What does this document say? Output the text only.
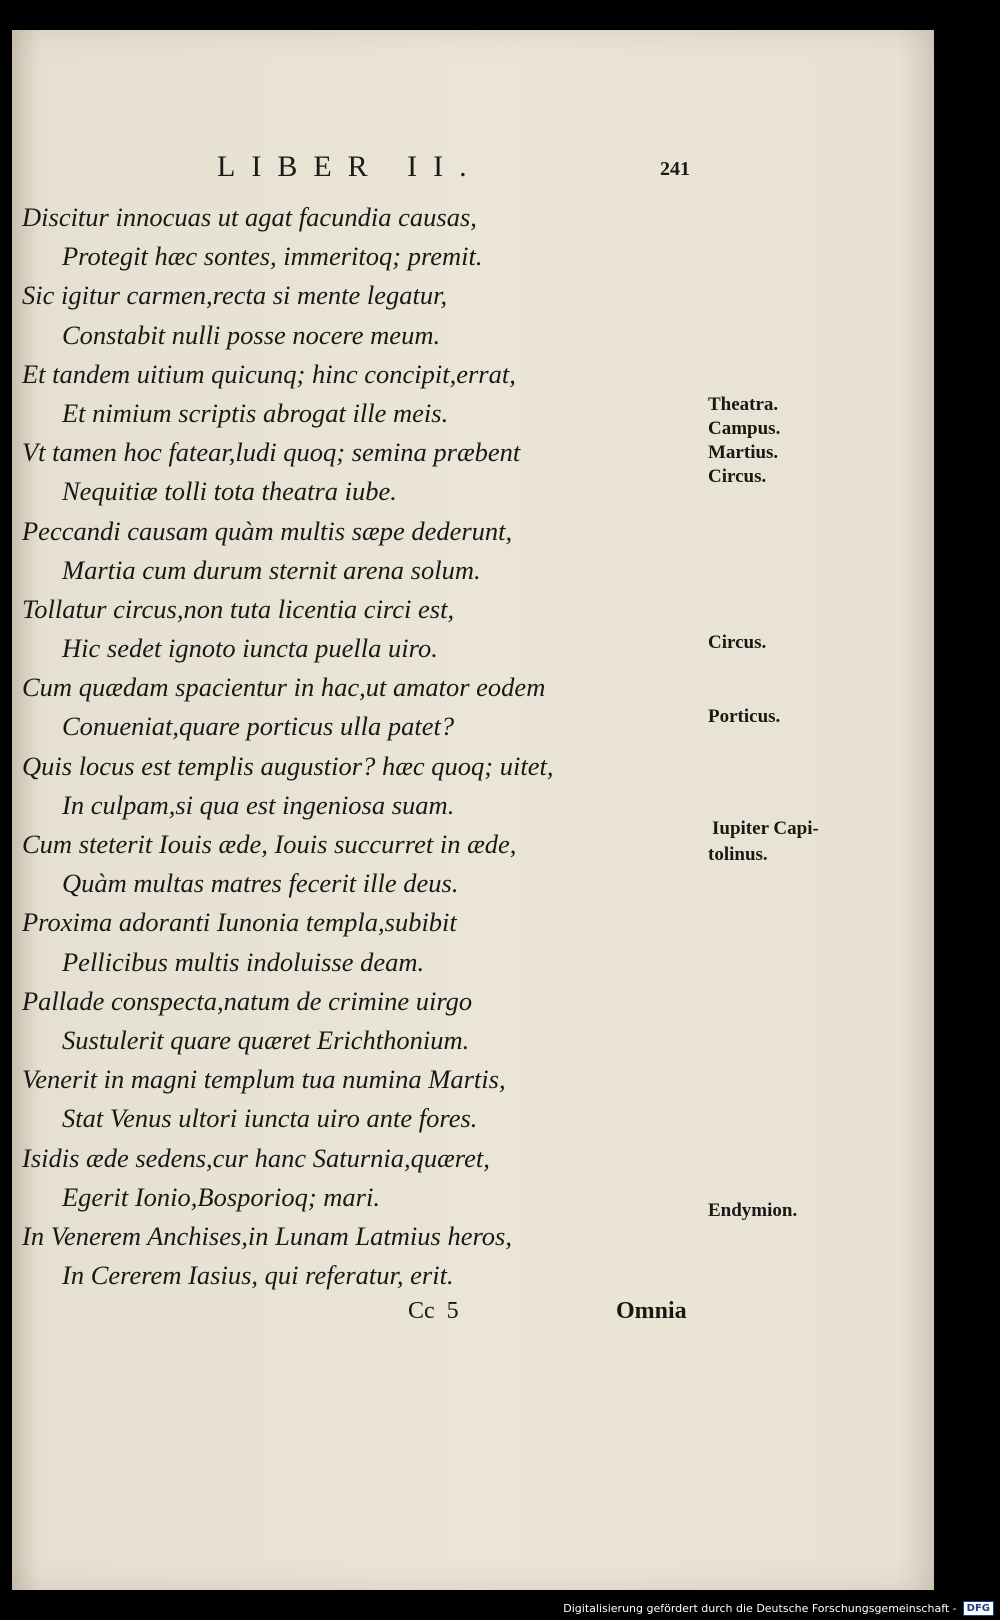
LIBER II.	241
Discitur innocuas ut agat facundia causas,
Protegit hæc sontes, immeritoq; premit.
Sic igitur carmen,recta si mente legatur,
Constabit nulli posse nocere meum.
Et tandem uitium quicunq; hinc concipit,errat,
Et nimium scriptis abrogat ille meis.
Vt tamen hoc fatear,ludi quoq; semina præbent
Nequitiæ tolli tota theatra iube.
Peccandi causam quàm multis sæpe dederunt,
Martia cum durum sternit arena solum.
Tollatur circus,non tuta licentia circi est,
Hic sedet ignoto iuncta puella uiro.
Cum quædam spacientur in hac,ut amator eodem
Conueniat,quare porticus ulla patet?
Quis locus est templis augustior? hæc quoq; uitet,
In culpam,si qua est ingeniosa suam.
Cum steterit Iouis æde, Iouis succurret in æde,
Quàm multas matres fecerit ille deus.
Proxima adoranti Iunonia templa,subibit
Pellicibus multis indoluisse deam.
Pallade conspecta,natum de crimine uirgo
Sustulerit quare quæret Erichthonium.
Venerit in magni templum tua numina Martis,
Stat Venus ultori iuncta uiro ante fores.
Isidis æde sedens,cur hanc Saturnia,quæret,
Egerit Ionio,Bosporioq; mari.
In Venerem Anchises,in Lunam Latmius heros,
In Cererem Iasius, qui referatur, erit.
Theatra.
Campus.
Martius.
Circus.
Circus.
Porticus.
Iupiter Capi-
tolinus.
Endymion.
Cc  5	Omnia
Digitalisierung gefördert durch die Deutsche Forschungsgemeinschaft -	DFG
